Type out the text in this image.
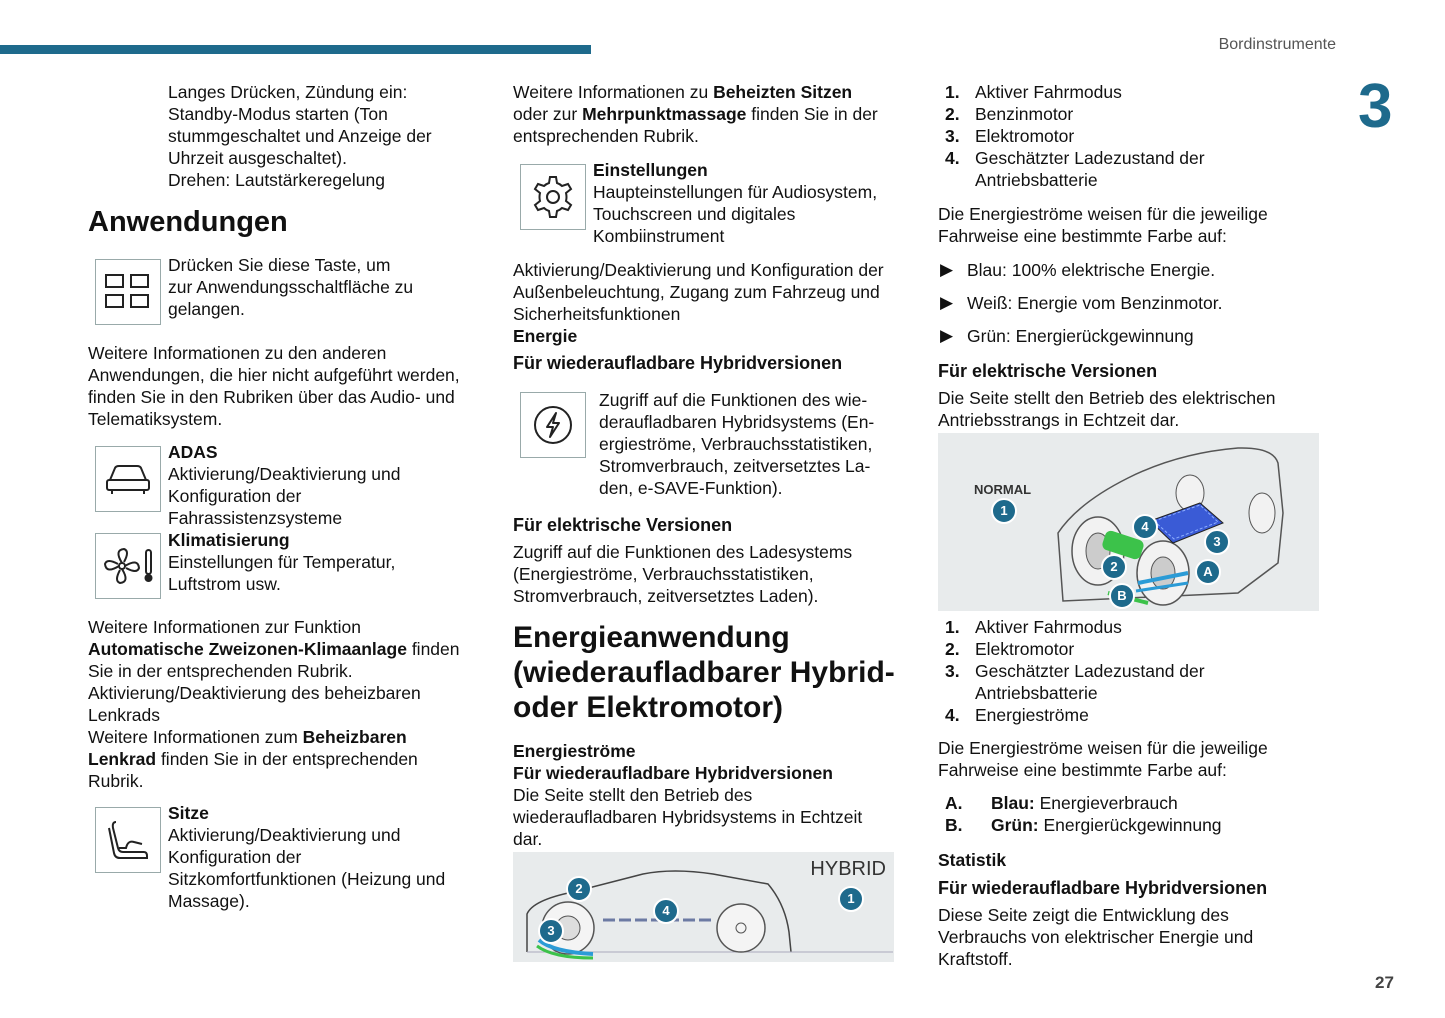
Bordinstrumente
3
27

Langes Drücken, Zündung ein:

Standby-Modus starten (Ton

stummgeschaltet und Anzeige der

Uhrzeit ausgeschaltet).

Drehen: Lautstärkeregelung

Anwendungen

Drücken Sie diese Taste, um

zur Anwendungsschaltfläche zu

gelangen.

Weitere Informationen zu den anderen

Anwendungen, die hier nicht aufgeführt werden,

finden Sie in den Rubriken über das Audio- und

Telematiksystem.

ADAS

Aktivierung/Deaktivierung und

Konfiguration der

Fahrassistenzsysteme

Klimatisierung

Einstellungen für Temperatur,

Luftstrom usw.

Weitere Informationen zur Funktion

Automatische Zweizonen-Klimaanlage finden

Sie in der entsprechenden Rubrik.

Aktivierung/Deaktivierung des beheizbaren

Lenkrads

Weitere Informationen zum Beheizbaren

Lenkrad finden Sie in der entsprechenden

Rubrik.

Sitze

Aktivierung/Deaktivierung und

Konfiguration der

Sitzkomfortfunktionen (Heizung und

Massage).

Weitere Informationen zu Beheizten Sitzen

oder zur Mehrpunktmassage finden Sie in der

entsprechenden Rubrik.

Einstellungen

Haupteinstellungen für Audiosystem,

Touchscreen und digitales

Kombiinstrument

Aktivierung/Deaktivierung und Konfiguration der

Außenbeleuchtung, Zugang zum Fahrzeug und

Sicherheitsfunktionen

Energie

Für wiederaufladbare Hybridversionen

Zugriff auf die Funktionen des wie-

deraufladbaren Hybridsystems (En-

ergieströme, Verbrauchsstatistiken,

Stromverbrauch, zeitversetztes La-

den, e-SAVE-Funktion).

Für elektrische Versionen

Zugriff auf die Funktionen des Ladesystems

(Energieströme, Verbrauchsstatistiken,

Stromverbrauch, zeitversetztes Laden).

Energieanwendung

(wiederaufladbarer Hybrid-

oder Elektromotor)

Energieströme

Für wiederaufladbare Hybridversionen

Die Seite stellt den Betrieb des

wiederaufladbaren Hybridsystems in Echtzeit

dar.

HYBRID
1
2
3
4
1. Aktiver Fahrmodus
2. Benzinmotor
3. Elektromotor
4. Geschätzter Ladezustand der
Antriebsbatterie

Die Energieströme weisen für die jeweilige

Fahrweise eine bestimmte Farbe auf:

▶ Blau: 100% elektrische Energie.
▶ Weiß: Energie vom Benzinmotor.
▶ Grün: Energierückgewinnung
Für elektrische Versionen

Die Seite stellt den Betrieb des elektrischen

Antriebsstrangs in Echtzeit dar.

NORMAL
1
2
3
4
A
B
1. Aktiver Fahrmodus
2. Elektromotor
3. Geschätzter Ladezustand der
Antriebsbatterie
4. Energieströme

Die Energieströme weisen für die jeweilige

Fahrweise eine bestimmte Farbe auf:

A.	Blau: Energieverbrauch
B.	Grün: Energierückgewinnung
Statistik
Für wiederaufladbare Hybridversionen

Diese Seite zeigt die Entwicklung des

Verbrauchs von elektrischer Energie und

Kraftstoff.
